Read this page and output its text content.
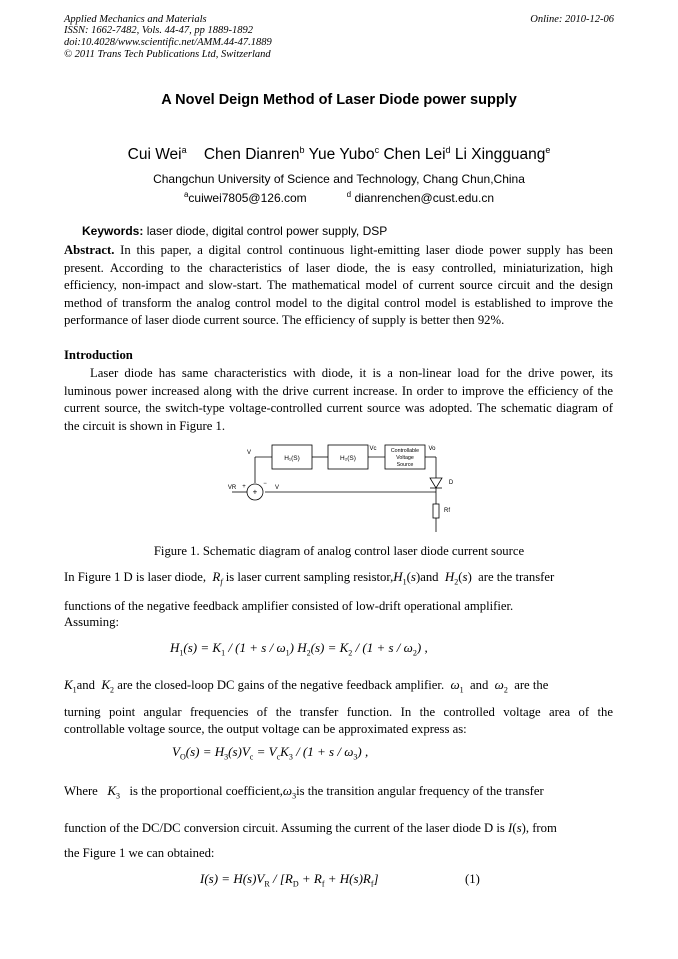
Applied Mechanics and Materials
ISSN: 1662-7482, Vols. 44-47, pp 1889-1892
doi:10.4028/www.scientific.net/AMM.44-47.1889
© 2011 Trans Tech Publications Ltd, Switzerland
Online: 2010-12-06
A Novel Deign Method of Laser Diode power supply
Cui Wei$^a$ Chen Dianren$^b$ Yue Yubo$^c$ Chen Lei$^d$ Li Xingguang$^e$
Changchun University of Science and Technology, Chang Chun,China
$^a$cuiwei7805@126.com	$^d$ dianrenchen@cust.edu.cn
Keywords: laser diode, digital control power supply, DSP
Abstract. In this paper, a digital control continuous light-emitting laser diode power supply has been present. According to the characteristics of laser diode, the is easy controlled, miniaturization, high efficiency, non-impact and slow-start. The mathematical model of current source circuit and the design method of transform the analog control model to the digital control model is established to improve the performance of laser diode current source. The efficiency of supply is better then 92%.
Introduction
Laser diode has same characteristics with diode, it is a non-linear load for the drive power, its luminous power increased along with the drive current increase. In order to improve the efficiency of the current source, the switch-type voltage-controlled current source was adopted. The schematic diagram of the circuit is shown in Figure 1.
H₁(S)	H₂(S)
Controllable
Voltage
Source
V
Vc	Vo
VR	V
D
Rf
+
+	−
Figure 1. Schematic diagram of analog control laser diode current source
In Figure 1 D is laser diode, $R_f$ is laser current sampling $resistor,H_1(s)and$ $H_2(s)$  are the transfer
functions of the negative feedback amplifier consisted of low-drift operational amplifier.
Assuming:
$H_1(s) = K_1 / (1 + s / \omega_1) H_2(s) = K_2 / (1 + s / \omega_2)$ ,
$K_1and$ $K_2$ are the closed-loop DC gains of the negative feedback amplifier. $\omega_1$ and $\omega_2$ are the
turning point angular frequencies of the transfer function. In the controlled voltage area of the
controllable voltage source, the output voltage can be approximated express as:
$V_O(s) = H_3(s)V_c = V_cK_3 / (1 + s / \omega_3)$ ,
Where $K_3$ is the proportional $coefficient,\omega_3is$ the transition angular frequency of the transfer
function of the DC/DC conversion circuit. Assuming the current of the laser diode D is I(s), from
the Figure 1 we can obtained:
$I(s) = H(s)V_R / [R_D + R_f + H(s)R_f]$	(1)
